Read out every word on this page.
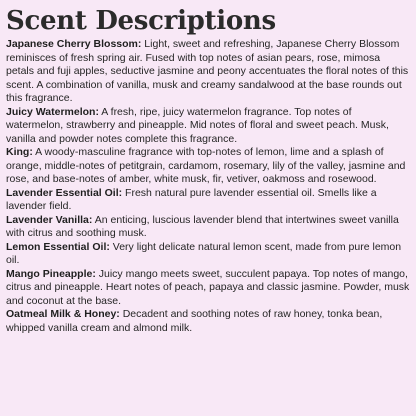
Scent Descriptions

Japanese Cherry Blossom: Light, sweet and refreshing, Japanese Cherry Blossom reminisces of fresh spring air. Fused with top notes of asian pears, rose, mimosa petals and fuji apples, seductive jasmine and peony accentuates the floral notes of this scent. A combination of vanilla, musk and creamy sandalwood at the base rounds out this fragrance.

Juicy Watermelon: A fresh, ripe, juicy watermelon fragrance. Top notes of watermelon, strawberry and pineapple. Mid notes of floral and sweet peach. Musk, vanilla and powder notes complete this fragrance.

King: A woody-masculine fragrance with top-notes of lemon, lime and a splash of orange, middle-notes of petitgrain, cardamom, rosemary, lily of the valley, jasmine and rose, and base-notes of amber, white musk, fir, vetiver, oakmoss and rosewood.

Lavender Essential Oil: Fresh natural pure lavender essential oil. Smells like a lavender field.

Lavender Vanilla: An enticing, luscious lavender blend that intertwines sweet vanilla with citrus and soothing musk.

Lemon Essential Oil: Very light delicate natural lemon scent, made from pure lemon oil.

Mango Pineapple: Juicy mango meets sweet, succulent papaya. Top notes of mango, citrus and pineapple. Heart notes of peach, papaya and classic jasmine. Powder, musk and coconut at the base.

Oatmeal Milk & Honey: Decadent and soothing notes of raw honey, tonka bean, whipped vanilla cream and almond milk.
